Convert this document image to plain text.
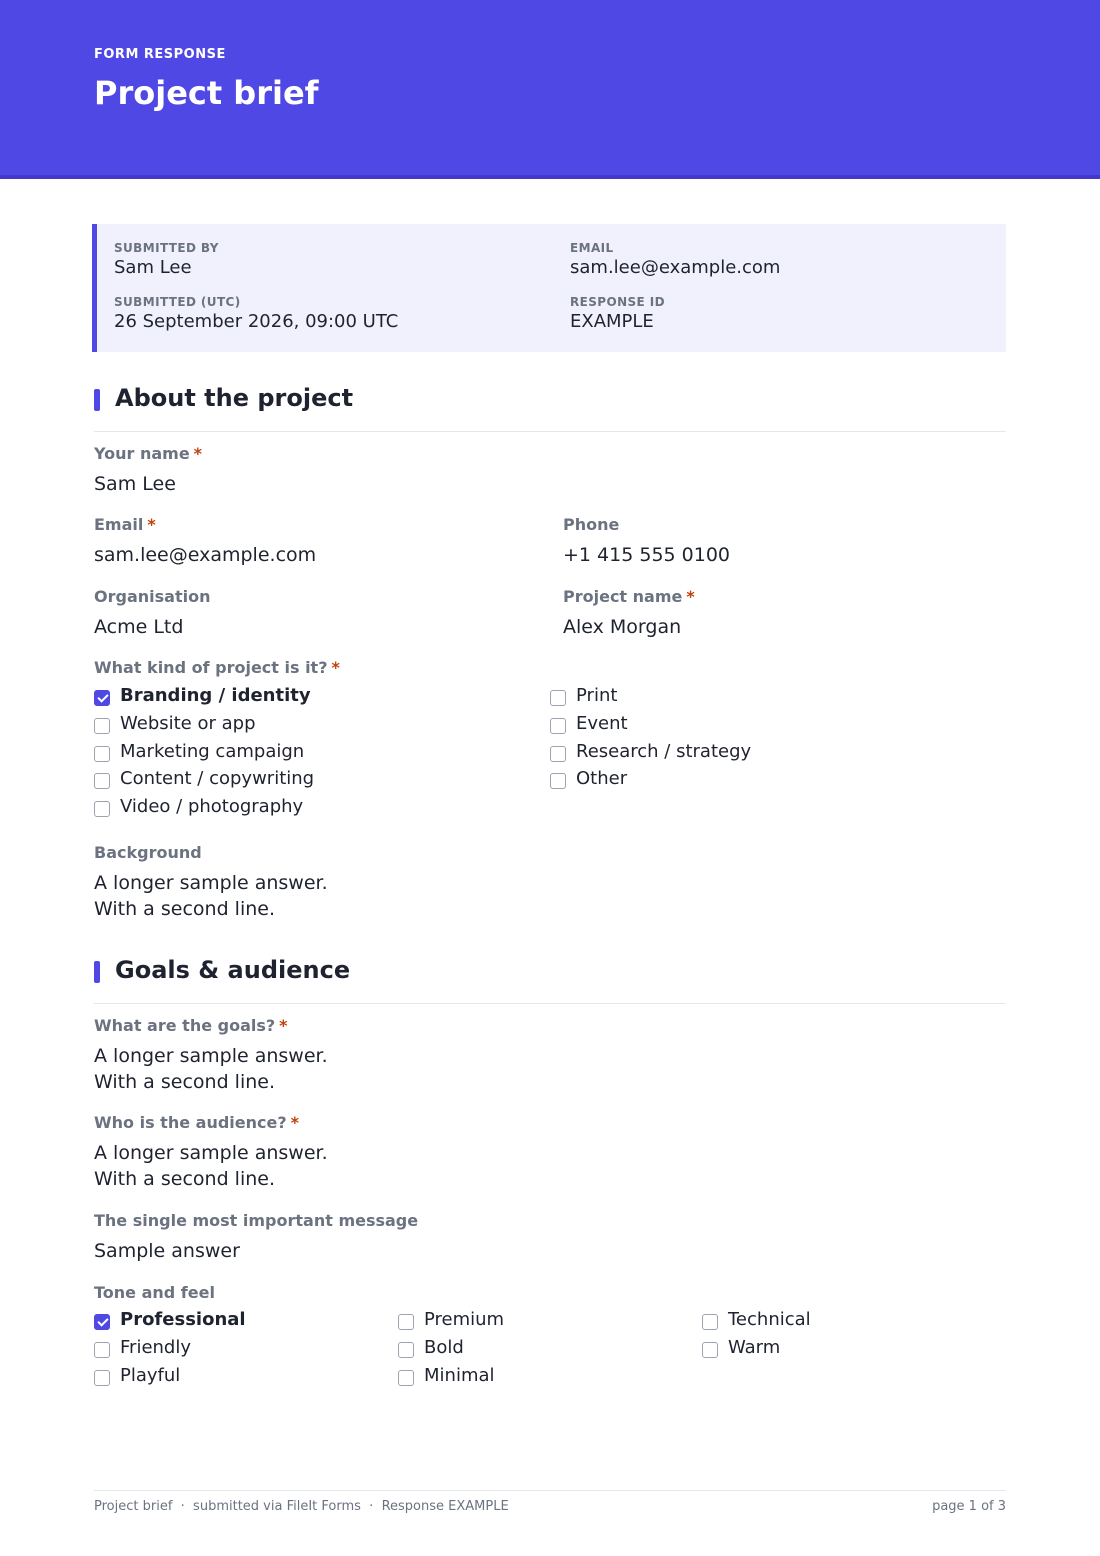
FORM RESPONSE
Project brief
SUBMITTED BY
Sam Lee
EMAIL
sam.lee@example.com
SUBMITTED (UTC)
26 September 2026, 09:00 UTC
RESPONSE ID
EXAMPLE
About the project
Your name *
Sam Lee
Email *
sam.lee@example.com
Phone
+1 415 555 0100
Organisation
Acme Ltd
Project name *
Alex Morgan
What kind of project is it? *
Branding / identity
Website or app
Marketing campaign
Content / copywriting
Video / photography
Print
Event
Research / strategy
Other
Background
A longer sample answer.
With a second line.
Goals & audience
What are the goals? *
A longer sample answer.
With a second line.
Who is the audience? *
A longer sample answer.
With a second line.
The single most important message
Sample answer
Tone and feel
Professional
Friendly
Playful
Premium
Bold
Minimal
Technical
Warm
Project brief  ·  submitted via FileIt Forms  ·  Response EXAMPLE	page 1 of 3
